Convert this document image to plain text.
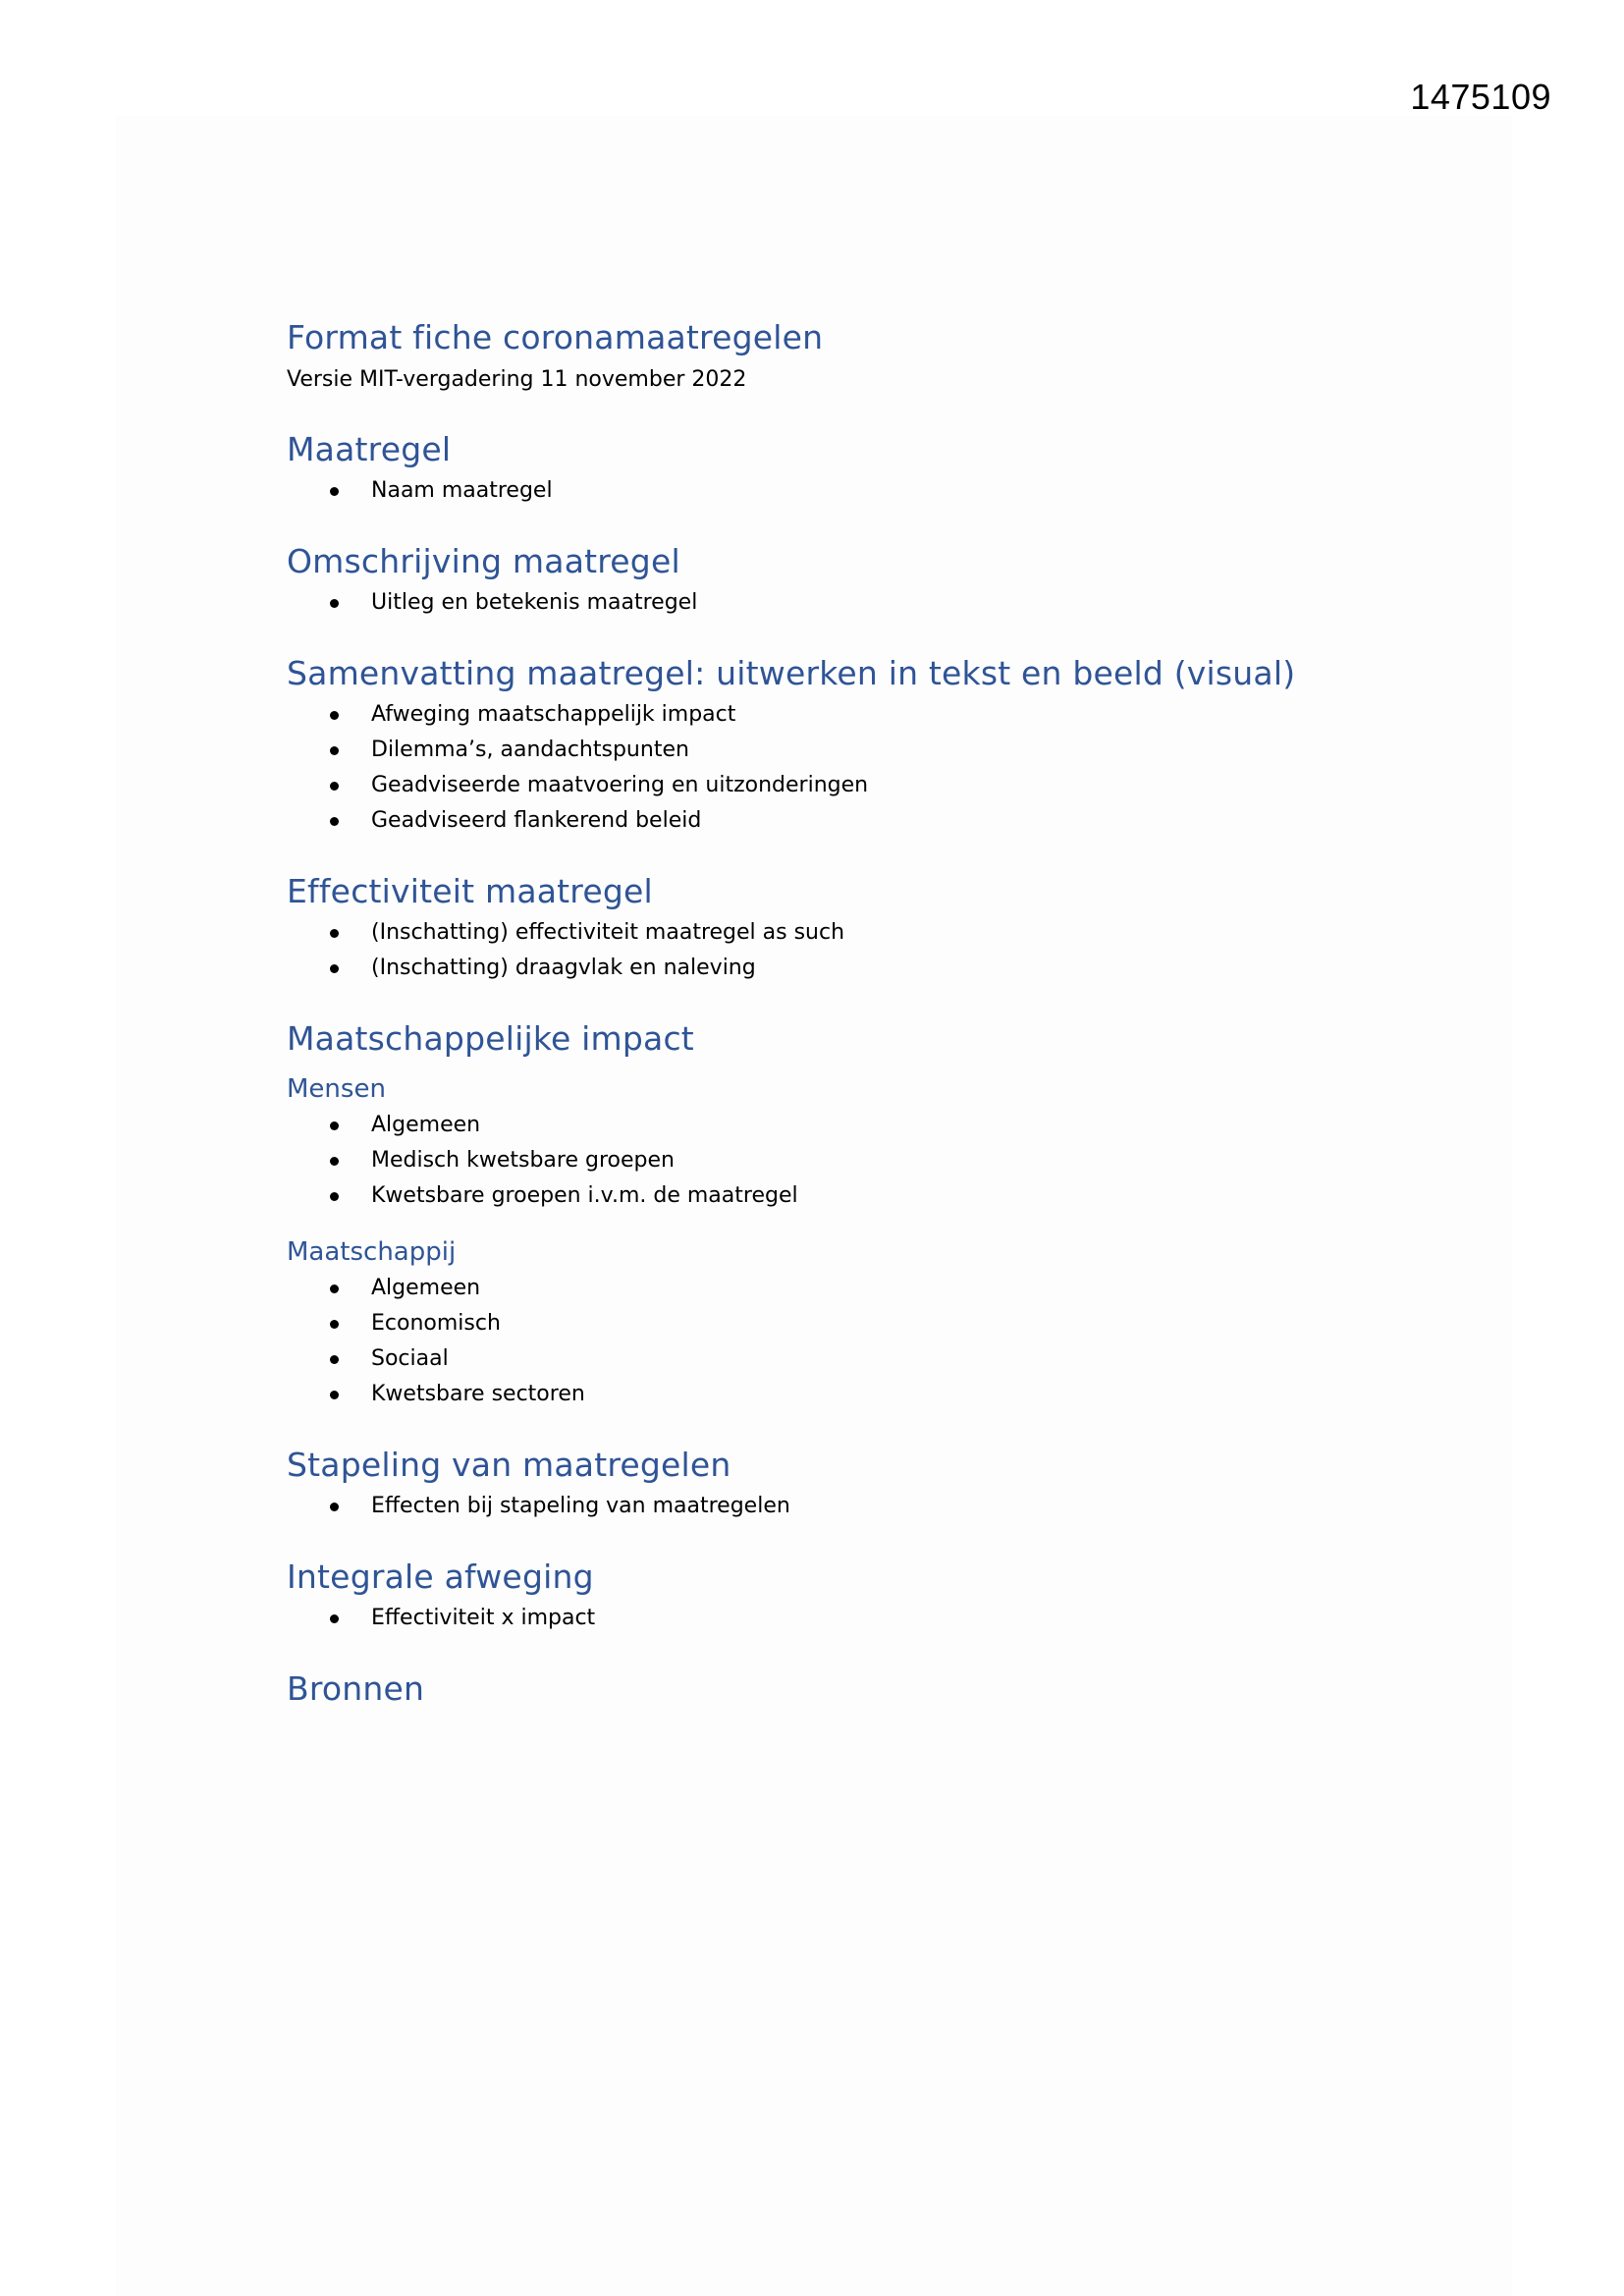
1475109
Format fiche coronamaatregelen

Versie MIT-vergadering 11 november 2022

Maatregel
Naam maatregel
Omschrijving maatregel
Uitleg en betekenis maatregel
Samenvatting maatregel: uitwerken in tekst en beeld (visual)
Afweging maatschappelijk impact
Dilemma’s, aandachtspunten
Geadviseerde maatvoering en uitzonderingen
Geadviseerd flankerend beleid
Effectiviteit maatregel
(Inschatting) effectiviteit maatregel as such
(Inschatting) draagvlak en naleving
Maatschappelijke impact
Mensen
Algemeen
Medisch kwetsbare groepen
Kwetsbare groepen i.v.m. de maatregel
Maatschappij
Algemeen
Economisch
Sociaal
Kwetsbare sectoren
Stapeling van maatregelen
Effecten bij stapeling van maatregelen
Integrale afweging
Effectiviteit x impact
Bronnen
